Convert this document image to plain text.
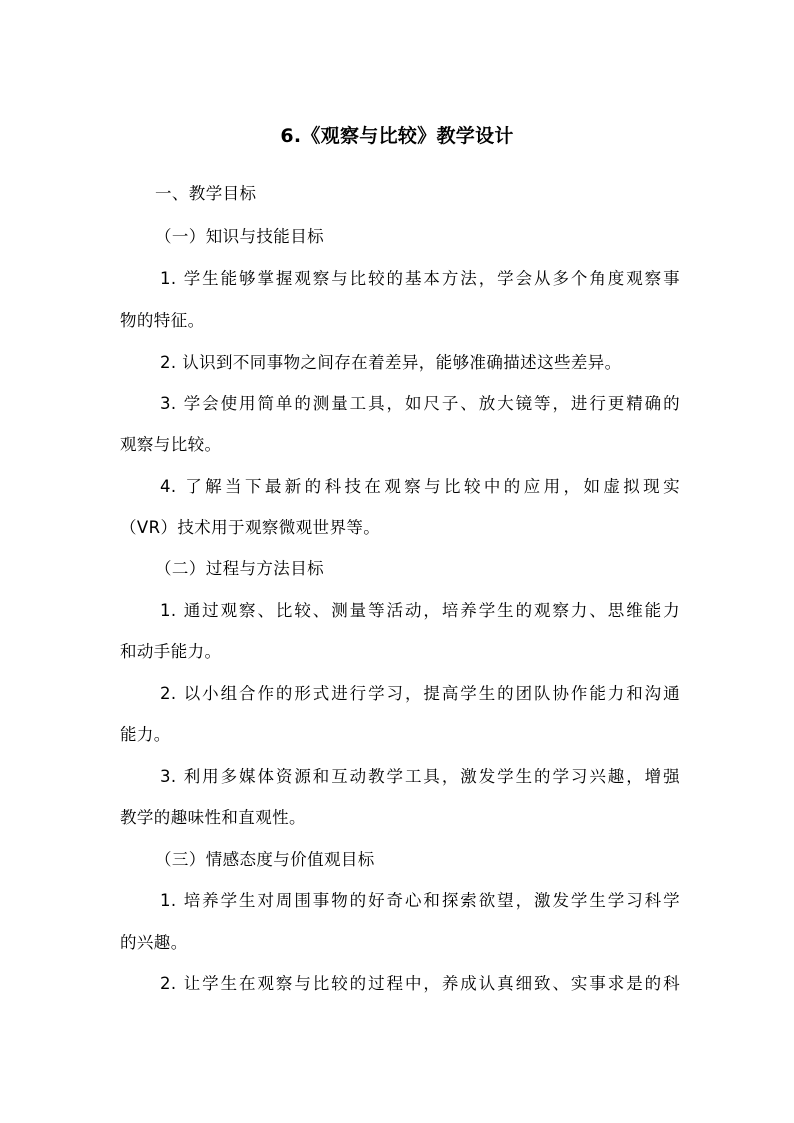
6.《观察与比较》教学设计
一、教学目标
（一）知识与技能目标
1. 学生能够掌握观察与比较的基本方法，学会从多个角度观察事
物的特征。
2. 认识到不同事物之间存在着差异，能够准确描述这些差异。
3. 学会使用简单的测量工具，如尺子、放大镜等，进行更精确的
观察与比较。
4. 了解当下最新的科技在观察与比较中的应用，如虚拟现实
（VR）技术用于观察微观世界等。
（二）过程与方法目标
1. 通过观察、比较、测量等活动，培养学生的观察力、思维能力
和动手能力。
2. 以小组合作的形式进行学习，提高学生的团队协作能力和沟通
能力。
3. 利用多媒体资源和互动教学工具，激发学生的学习兴趣，增强
教学的趣味性和直观性。
（三）情感态度与价值观目标
1. 培养学生对周围事物的好奇心和探索欲望，激发学生学习科学
的兴趣。
2. 让学生在观察与比较的过程中，养成认真细致、实事求是的科
